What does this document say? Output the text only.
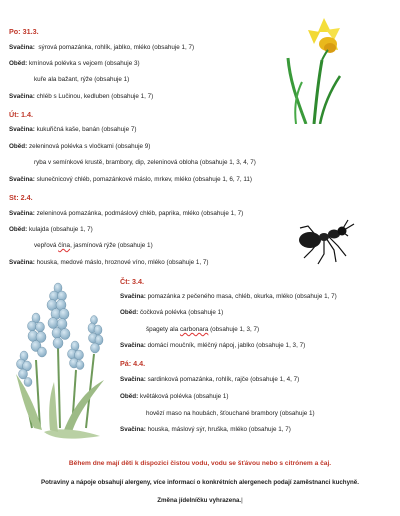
Po: 31.3.
Svačina: sýrová pomazánka, rohlík, jablko, mléko (obsahuje 1, 7)
Oběd: kmínová polévka s vejcem (obsahuje 3)
kuře ala bažant, rýže (obsahuje 1)
Svačina: chléb s Lučinou, kedluben (obsahuje 1, 7)
Út: 1.4.
Svačina: kukuřičná kaše, banán (obsahuje 7)
Oběd: zeleninová polévka s vločkami (obsahuje 9)
ryba v semínkové krustě, brambory, dip, zeleninová obloha (obsahuje 1, 3, 4, 7)
Svačina: slunečnicový chléb, pomazánkové máslo, mrkev, mléko (obsahuje 1, 6, 7, 11)
St: 2.4.
Svačina: zeleninová pomazánka, podmáslový chléb, paprika, mléko (obsahuje 1, 7)
Oběd: kulajda (obsahuje 1, 7)
vepřová čína, jasmínová rýže (obsahuje 1)
Svačina: houska, medové máslo, hroznové víno, mléko (obsahuje 1, 7)
Čt: 3.4.
Svačina: pomazánka z pečeného masa, chléb, okurka, mléko (obsahuje 1, 7)
Oběd: čočková polévka (obsahuje 1)
špagety ala carbonara (obsahuje 1, 3, 7)
Svačina: domácí moučník, mléčný nápoj, jablko (obsahuje 1, 3, 7)
Pá: 4.4.
Svačina: sardinková pomazánka, rohlík, rajče (obsahuje 1, 4, 7)
Oběd: květáková polévka (obsahuje 1)
hovězí maso na houbách, šťouchané brambory (obsahuje 1)
Svačina: houska, máslový sýr, hruška, mléko (obsahuje 1, 7)
Během dne mají děti k dispozici čistou vodu, vodu se šťávou nebo s citrónem a čaj.
Potraviny a nápoje obsahují alergeny, více informací o konkrétních alergenech podají zaměstnanci kuchyně.
Změna jídelníčku vyhrazena.|
